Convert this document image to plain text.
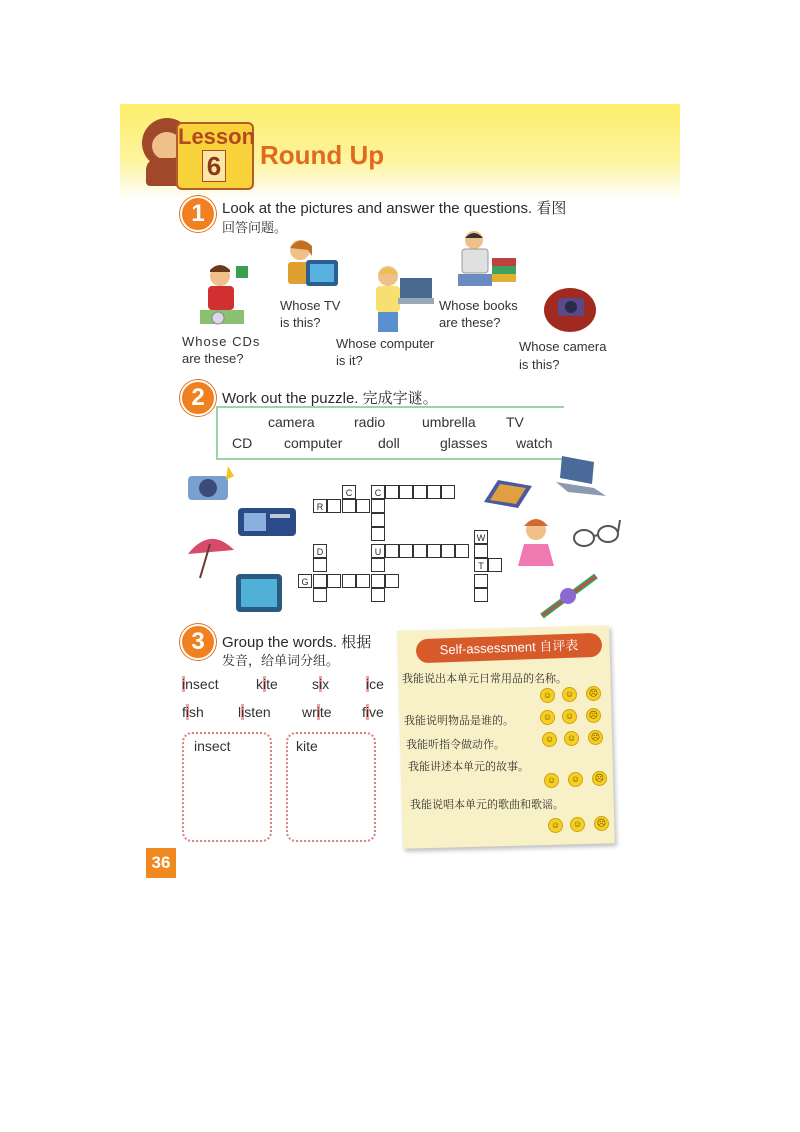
Lesson
6 Round Up
1	Look at the pictures and answer the questions. 看图
回答问题。
Whose CDs
are these?
Whose TV
is this?
Whose computer
is it?
Whose books
are these?
Whose camera
is this?
2	Work out the puzzle. 完成字谜。
camera	radio	umbrella TV
CD computer	doll	glasses watch
C	C
R
W
D	U
T
G
3	Group the words. 根据
发音，给单词分组。
insect	kite six	ice
fish listen write five
insect	kite
Self-assessment 自评表
我能说出本单元日常用品的名称。
我能说明物品是谁的。
我能听指令做动作。
我能讲述本单元的故事。
我能说唱本单元的歌曲和歌谣。
☺	☺	☹
☺	☺	☹
☺	☺	☹
☺	☺	☹
☺	☺	☹
36
